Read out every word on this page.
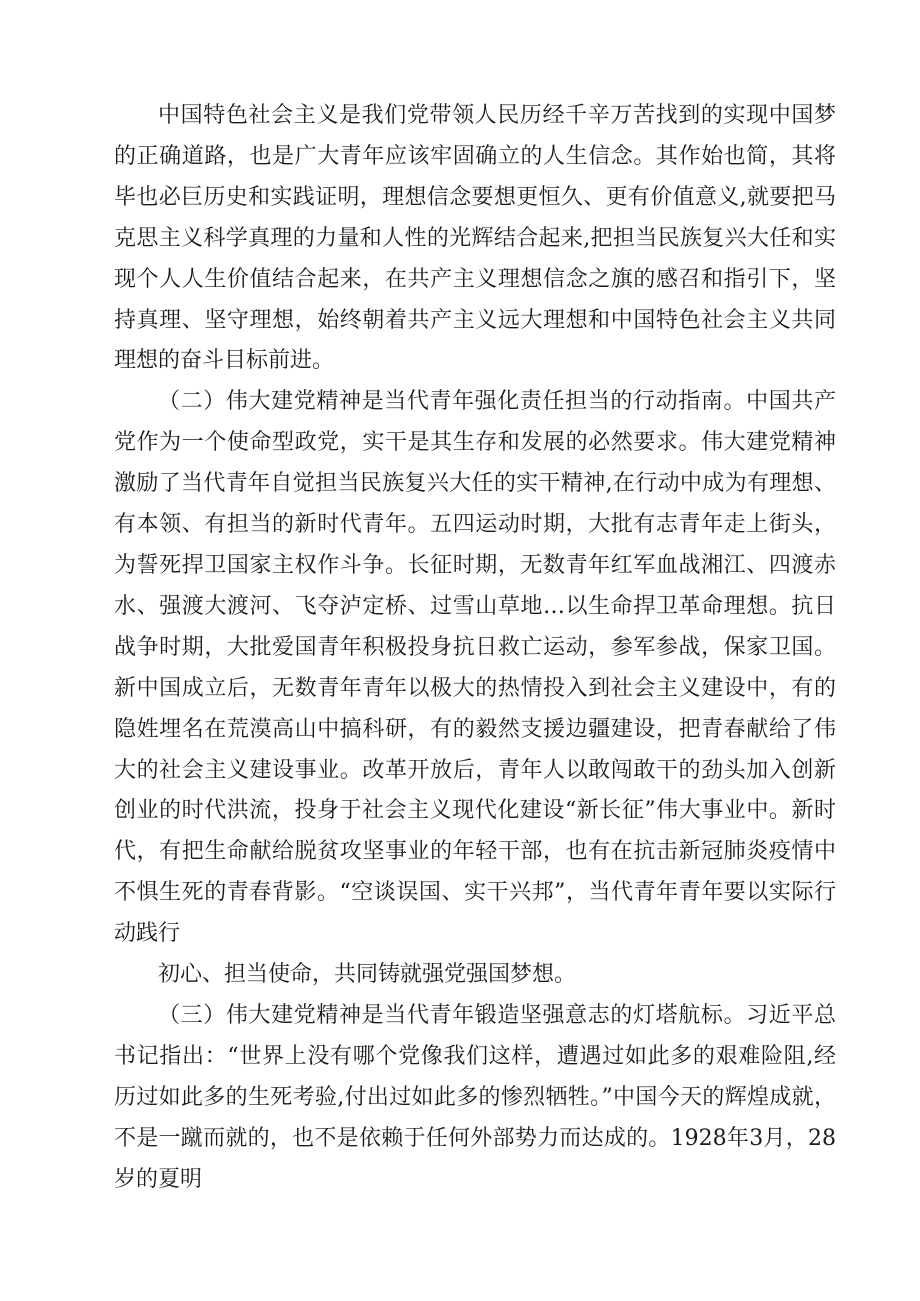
中国特色社会主义是我们党带领人民历经千辛万苦找到的实现中国梦的正确道路，也是广大青年应该牢固确立的人生信念。其作始也简，其将毕也必巨历史和实践证明，理想信念要想更恒久、更有价值意义,就要把马克思主义科学真理的力量和人性的光辉结合起来,把担当民族复兴大任和实现个人人生价值结合起来，在共产主义理想信念之旗的感召和指引下，坚持真理、坚守理想，始终朝着共产主义远大理想和中国特色社会主义共同理想的奋斗目标前进。

（二）伟大建党精神是当代青年强化责任担当的行动指南。中国共产党作为一个使命型政党，实干是其生存和发展的必然要求。伟大建党精神激励了当代青年自觉担当民族复兴大任的实干精神,在行动中成为有理想、有本领、有担当的新时代青年。五四运动时期，大批有志青年走上街头，为誓死捍卫国家主权作斗争。长征时期，无数青年红军血战湘江、四渡赤水、强渡大渡河、飞夺泸定桥、过雪山草地…以生命捍卫革命理想。抗日战争时期，大批爱国青年积极投身抗日救亡运动，参军参战，保家卫国。新中国成立后，无数青年青年以极大的热情投入到社会主义建设中，有的隐姓埋名在荒漠高山中搞科研，有的毅然支援边疆建设，把青春献给了伟大的社会主义建设事业。改革开放后，青年人以敢闯敢干的劲头加入创新创业的时代洪流，投身于社会主义现代化建设“新长征”伟大事业中。新时代，有把生命献给脱贫攻坚事业的年轻干部，也有在抗击新冠肺炎疫情中不惧生死的青春背影。“空谈误国、实干兴邦”，当代青年青年要以实际行动践行

初心、担当使命，共同铸就强党强国梦想。

（三）伟大建党精神是当代青年锻造坚强意志的灯塔航标。习近平总书记指出：“世界上没有哪个党像我们这样，遭遇过如此多的艰难险阻,经历过如此多的生死考验,付出过如此多的惨烈牺牲。”中国今天的辉煌成就，不是一蹴而就的，也不是依赖于任何外部势力而达成的。1928年3月，28岁的夏明
